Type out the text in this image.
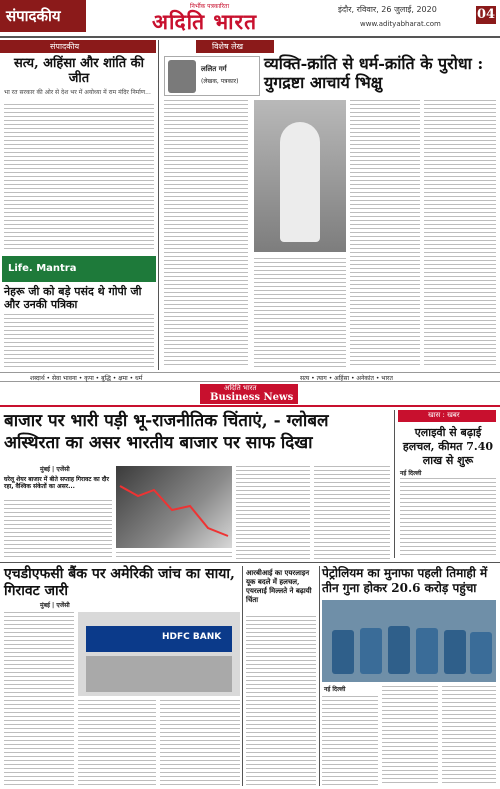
संपादकीय
निर्भीक पत्रकारिता
अदिति भारत	इंदौर, रविवार, 26 जुलाई, 2020
www.adityabharat.com
04
संपादकीय
सत्य, अहिंसा और शांति की जीत
भा रत सरकार की ओर से देश भर में अयोध्या में राम मंदिर निर्माण...
Life. Mantra
नेहरू जी को बड़े पसंद थे गोपी जी और उनकी पत्रिका
विशेष लेख
ललित गर्ग
(लेखक, पत्रकार)
व्यक्ति-क्रांति से धर्म-क्रांति के पुरोधा : युगद्रष्टा आचार्य भिक्षु
शब्दार्थ • सेवा भावना • कृपा • बुद्धि • क्षमा • धर्म	सत्य • त्याग • अहिंसा • अनेकांत • भारत
अदिति भारत
Business News
बाजार पर भारी पड़ी भू-राजनीतिक चिंताएं, - ग्लोबल अस्थिरता का असर भारतीय बाजार पर साफ दिखा
मुंबई | एजेंसी
घरेलू शेयर बाजार में बीते सप्ताह गिरावट का दौर रहा, वैश्विक संकेतों का असर...
खास : खबर
एलाइवी से बढ़ाई हलचल, कीमत 7.40 लाख से शुरू
नई दिल्ली
एचडीएफसी बैंक पर अमेरिकी जांच का साया, गिरावट जारी
मुंबई | एजेंसी
HDFC BANK
आरबीआई का एयरलाइन यूक बदले में हलचल, एयरलाई मिल्लते ने बढ़ायी चिंता
पेट्रोलियम का मुनाफा पहली तिमाही में तीन गुना होकर 20.6 करोड़ पहुंचा
नई दिल्ली
